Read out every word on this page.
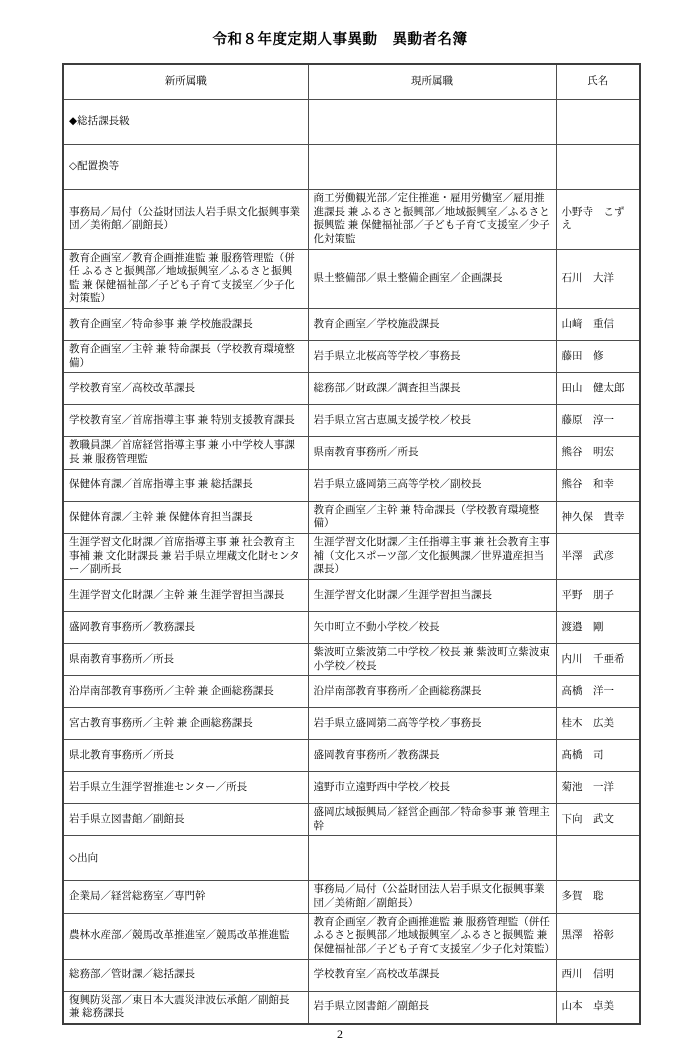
令和８年度定期人事異動　異動者名簿
新所属職	現所属職	氏名
◆総括課長級		
◇配置換等		
事務局／局付（公益財団法人岩手県文化振興事業団／美術館／副館長）	商工労働観光部／定住推進・雇用労働室／雇用推進課長 兼 ふるさと振興部／地域振興室／ふるさと振興監 兼 保健福祉部／子ども子育て支援室／少子化対策監	小野寺　こずえ
教育企画室／教育企画推進監 兼 服務管理監（併任 ふるさと振興部／地域振興室／ふるさと振興監 兼 保健福祉部／子ども子育て支援室／少子化対策監）	県土整備部／県土整備企画室／企画課長	石川　大洋
教育企画室／特命参事 兼 学校施設課長	教育企画室／学校施設課長	山﨑　重信
教育企画室／主幹 兼 特命課長（学校教育環境整備）	岩手県立北桜高等学校／事務長	藤田　修
学校教育室／高校改革課長	総務部／財政課／調査担当課長	田山　健太郎
学校教育室／首席指導主事 兼 特別支援教育課長	岩手県立宮古恵風支援学校／校長	藤原　淳一
教職員課／首席経営指導主事 兼 小中学校人事課長 兼 服務管理監	県南教育事務所／所長	熊谷　明宏
保健体育課／首席指導主事 兼 総括課長	岩手県立盛岡第三高等学校／副校長	熊谷　和幸
保健体育課／主幹 兼 保健体育担当課長	教育企画室／主幹 兼 特命課長（学校教育環境整備）	神久保　貴幸
生涯学習文化財課／首席指導主事 兼 社会教育主事補 兼 文化財課長 兼 岩手県立埋蔵文化財センター／副所長	生涯学習文化財課／主任指導主事 兼 社会教育主事補（文化スポーツ部／文化振興課／世界遺産担当課長）	半澤　武彦
生涯学習文化財課／主幹 兼 生涯学習担当課長	生涯学習文化財課／生涯学習担当課長	平野　朋子
盛岡教育事務所／教務課長	矢巾町立不動小学校／校長	渡邉　剛
県南教育事務所／所長	紫波町立紫波第二中学校／校長 兼 紫波町立紫波東小学校／校長	内川　千亜希
沿岸南部教育事務所／主幹 兼 企画総務課長	沿岸南部教育事務所／企画総務課長	高橋　洋一
宮古教育事務所／主幹 兼 企画総務課長	岩手県立盛岡第二高等学校／事務長	桂木　広美
県北教育事務所／所長	盛岡教育事務所／教務課長	髙橋　司
岩手県立生涯学習推進センター／所長	遠野市立遠野西中学校／校長	菊池　一洋
岩手県立図書館／副館長	盛岡広域振興局／経営企画部／特命参事 兼 管理主幹	下向　武文
◇出向		
企業局／経営総務室／専門幹	事務局／局付（公益財団法人岩手県文化振興事業団／美術館／副館長）	多賀　聡
農林水産部／競馬改革推進室／競馬改革推進監	教育企画室／教育企画推進監 兼 服務管理監（併任 ふるさと振興部／地域振興室／ふるさと振興監 兼 保健福祉部／子ども子育て支援室／少子化対策監）	黒澤　裕彰
総務部／管財課／総括課長	学校教育室／高校改革課長	西川　信明
復興防災部／東日本大震災津波伝承館／副館長 兼 総務課長	岩手県立図書館／副館長	山本　卓美
2
